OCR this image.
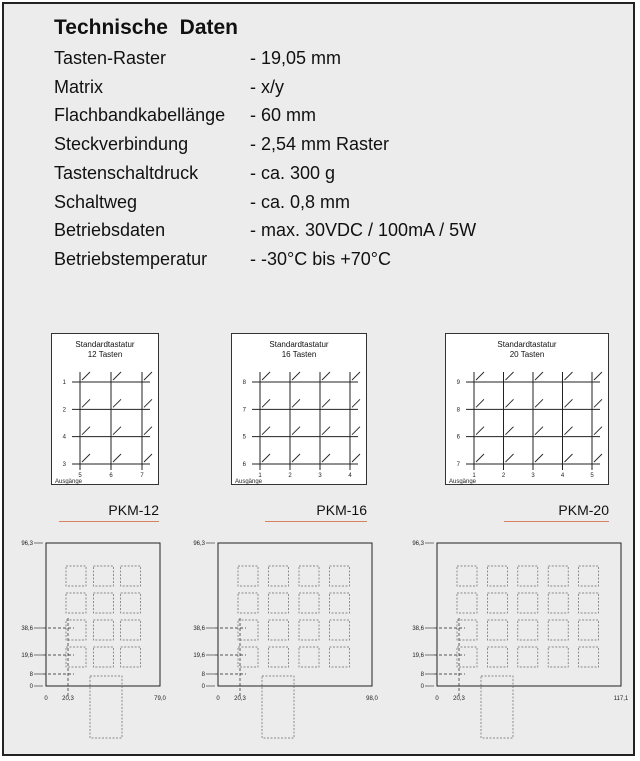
Technische  Daten
Tasten-Raster	- 19,05 mm
Matrix	- x/y
Flachbandkabellänge - 60 mm
Steckverbindung	- 2,54 mm Raster
Tastenschaltdruck	- ca. 300 g
Schaltweg	- ca. 0,8 mm
Betriebsdaten	- max. 30VDC / 100mA / 5W
Betriebstemperatur - -30°C bis +70°C
Standardtastatur
12 Tasten
1
2
4
3
5	6	7
Ausgänge
PKM-12
Standardtastatur
16 Tasten
8
7
5
6
1	2	3	4
Ausgänge
PKM-16
Standardtastatur
20 Tasten
9
8
6
7
1	2	3	4	5
Ausgänge
PKM-20
96,3
38,6
19,6
8
0
0 20,3	79,0
96,3
38,6
19,6
8
0
0 20,3	98,0
96,3
38,6
19,6
8
0
0 20,3	117,1
